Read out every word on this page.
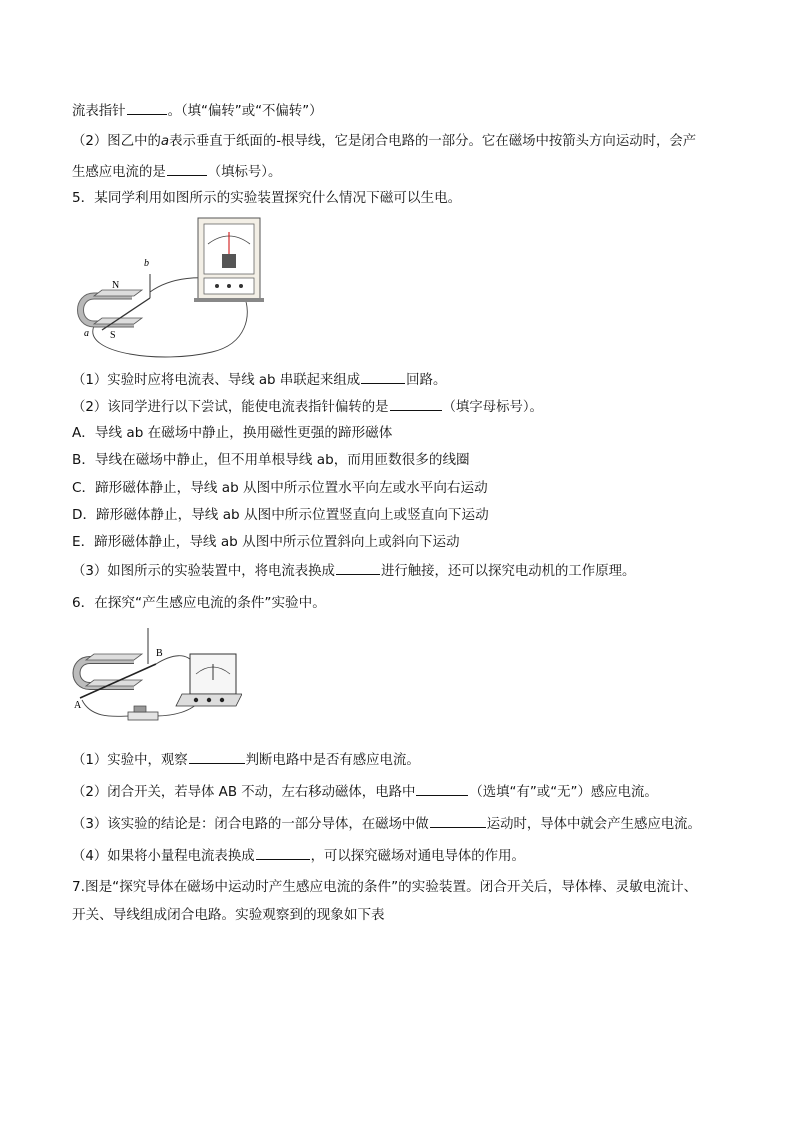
流表指针	。（填“偏转”或“不偏转”）
（2）图乙中的a表示垂直于纸面的-根导线，它是闭合电路的一部分。它在磁场中按箭头方向运动时，会产
生感应电流的是	（填标号）。
5．某同学利用如图所示的实验装置探究什么情况下磁可以生电。
N
S
a
b
（1）实验时应将电流表、导线 ab 串联起来组成	回路。
（2）该同学进行以下尝试，能使电流表指针偏转的是	（填字母标号）。
A．导线 ab 在磁场中静止，换用磁性更强的蹄形磁体
B．导线在磁场中静止，但不用单根导线 ab，而用匝数很多的线圈
C．蹄形磁体静止，导线 ab 从图中所示位置水平向左或水平向右运动
D．蹄形磁体静止，导线 ab 从图中所示位置竖直向上或竖直向下运动
E．蹄形磁体静止，导线 ab 从图中所示位置斜向上或斜向下运动
（3）如图所示的实验装置中，将电流表换成	进行触接，还可以探究电动机的工作原理。
6．在探究“产生感应电流的条件”实验中。
A
B
（1）实验中，观察	判断电路中是否有感应电流。
（2）闭合开关，若导体 AB 不动，左右移动磁体，电路中	（选填“有”或“无”）感应电流。
（3）该实验的结论是：闭合电路的一部分导体，在磁场中做	运动时，导体中就会产生感应电流。
（4）如果将小量程电流表换成	，可以探究磁场对通电导体的作用。
7.图是“探究导体在磁场中运动时产生感应电流的条件”的实验装置。闭合开关后，导体棒、灵敏电流计、
开关、导线组成闭合电路。实验观察到的现象如下表
